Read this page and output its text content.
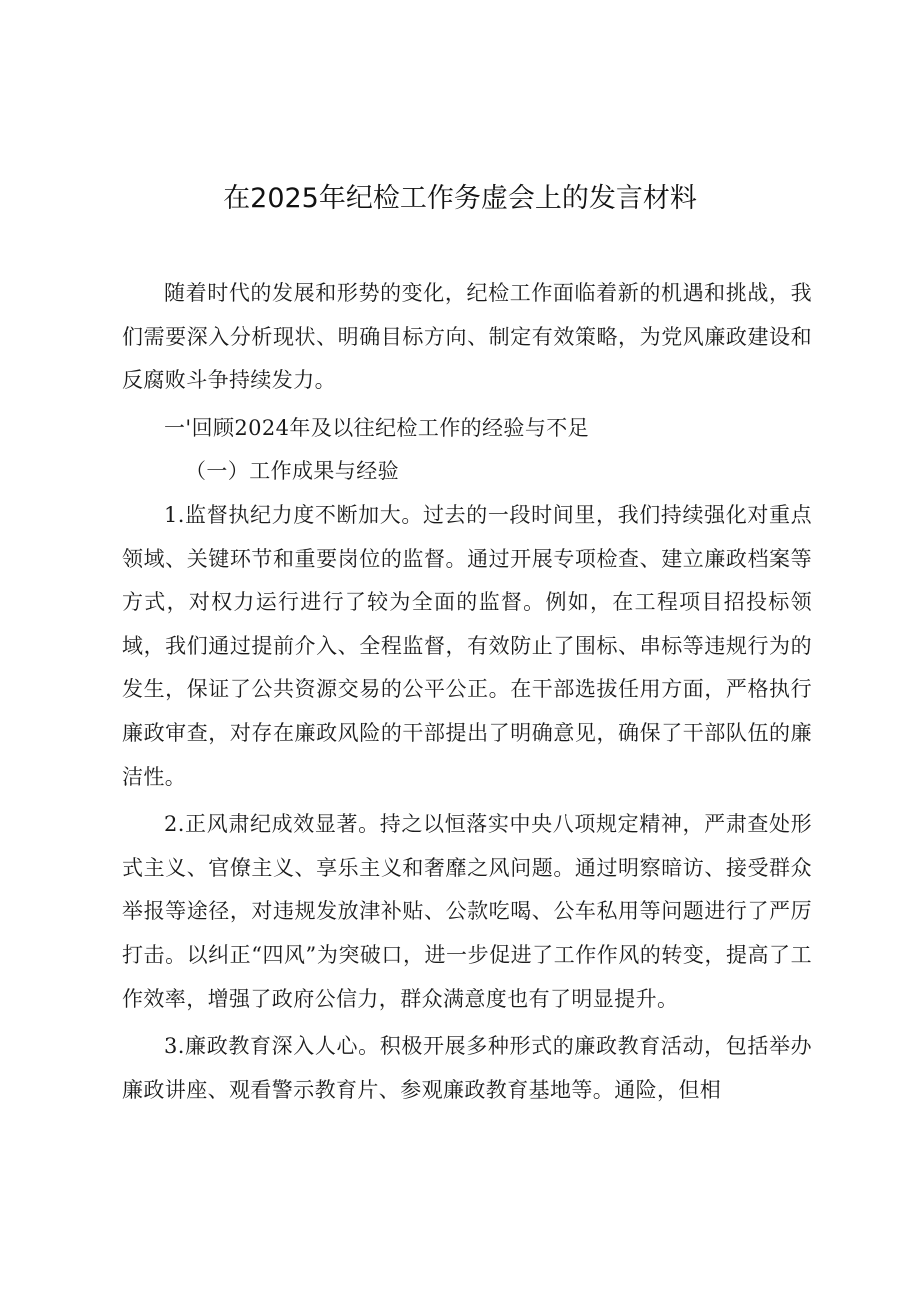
在2025年纪检工作务虚会上的发言材料

随着时代的发展和形势的变化，纪检工作面临着新的机遇和挑战，我们需要深入分析现状、明确目标方向、制定有效策略，为党风廉政建设和反腐败斗争持续发力。

一'回顾2024年及以往纪检工作的经验与不足

（一）工作成果与经验

1.监督执纪力度不断加大。过去的一段时间里，我们持续强化对重点领域、关键环节和重要岗位的监督。通过开展专项检查、建立廉政档案等方式，对权力运行进行了较为全面的监督。例如，在工程项目招投标领域，我们通过提前介入、全程监督，有效防止了围标、串标等违规行为的发生，保证了公共资源交易的公平公正。在干部选拔任用方面，严格执行廉政审查，对存在廉政风险的干部提出了明确意见，确保了干部队伍的廉洁性。

2.正风肃纪成效显著。持之以恒落实中央八项规定精神，严肃查处形式主义、官僚主义、享乐主义和奢靡之风问题。通过明察暗访、接受群众举报等途径，对违规发放津补贴、公款吃喝、公车私用等问题进行了严厉打击。以纠正“四风”为突破口，进一步促进了工作作风的转变，提高了工作效率，增强了政府公信力，群众满意度也有了明显提升。

3.廉政教育深入人心。积极开展多种形式的廉政教育活动，包括举办廉政讲座、观看警示教育片、参观廉政教育基地等。通险，但相
